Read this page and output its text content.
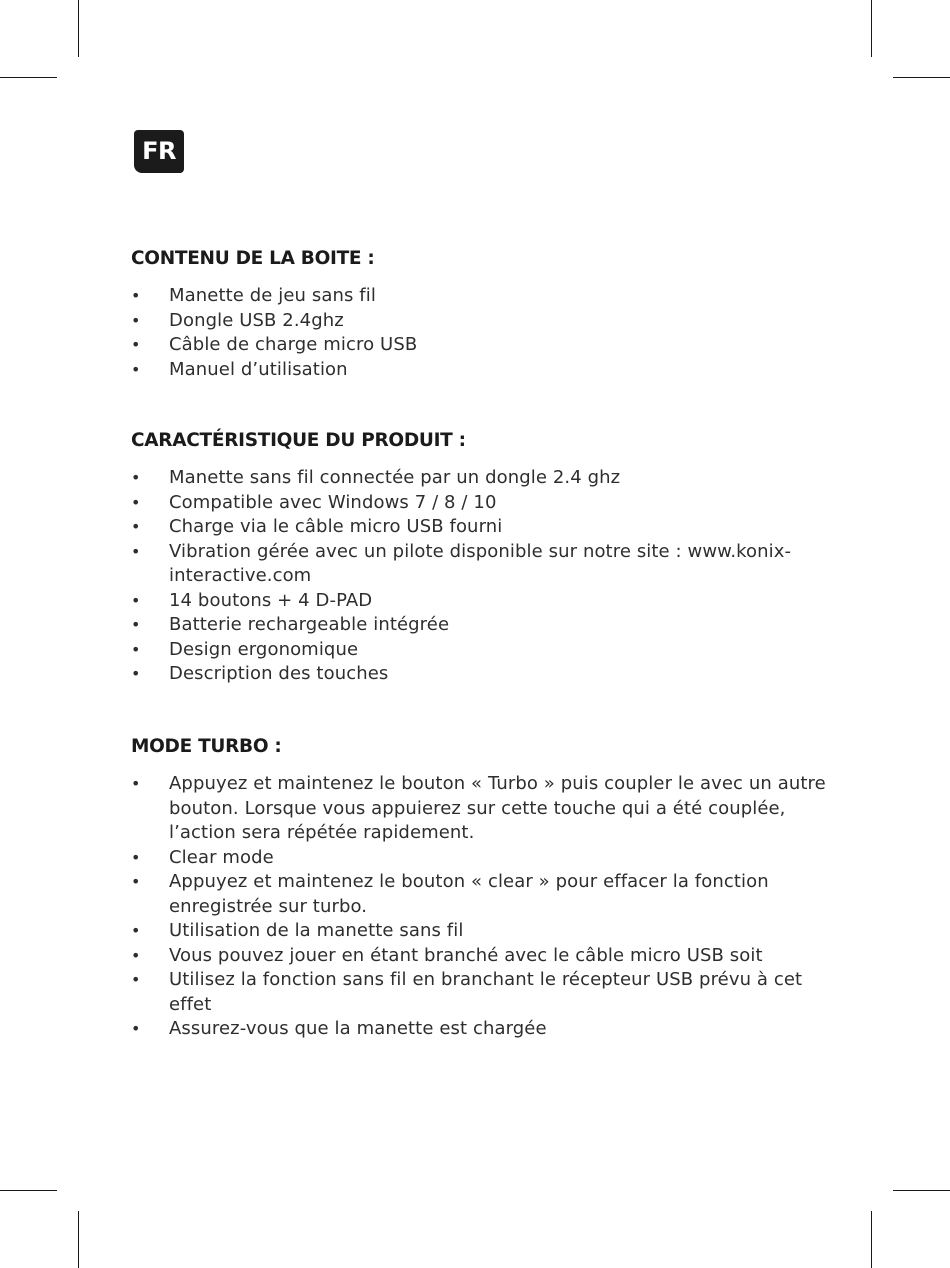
FR
CONTENU DE LA BOITE :
• Manette de jeu sans fil
• Dongle USB 2.4ghz
• Câble de charge micro USB
• Manuel d’utilisation
CARACTÉRISTIQUE DU PRODUIT :
• Manette sans fil connectée par un dongle 2.4 ghz
• Compatible avec Windows 7 / 8 / 10
• Charge via le câble micro USB fourni
• Vibration gérée avec un pilote disponible sur notre site : www.konix-interactive.com
• 14 boutons + 4 D-PAD
• Batterie rechargeable intégrée
• Design ergonomique
• Description des touches
MODE TURBO :
• Appuyez et maintenez le bouton « Turbo » puis coupler le avec un autre bouton. Lorsque vous appuierez sur cette touche qui a été couplée, l’action sera répétée rapidement.
• Clear mode
• Appuyez et maintenez le bouton « clear » pour effacer la fonction enregistrée sur turbo.
• Utilisation de la manette sans fil
• Vous pouvez jouer en étant branché avec le câble micro USB soit
• Utilisez la fonction sans fil en branchant le récepteur USB prévu à cet effet
• Assurez-vous que la manette est chargée
